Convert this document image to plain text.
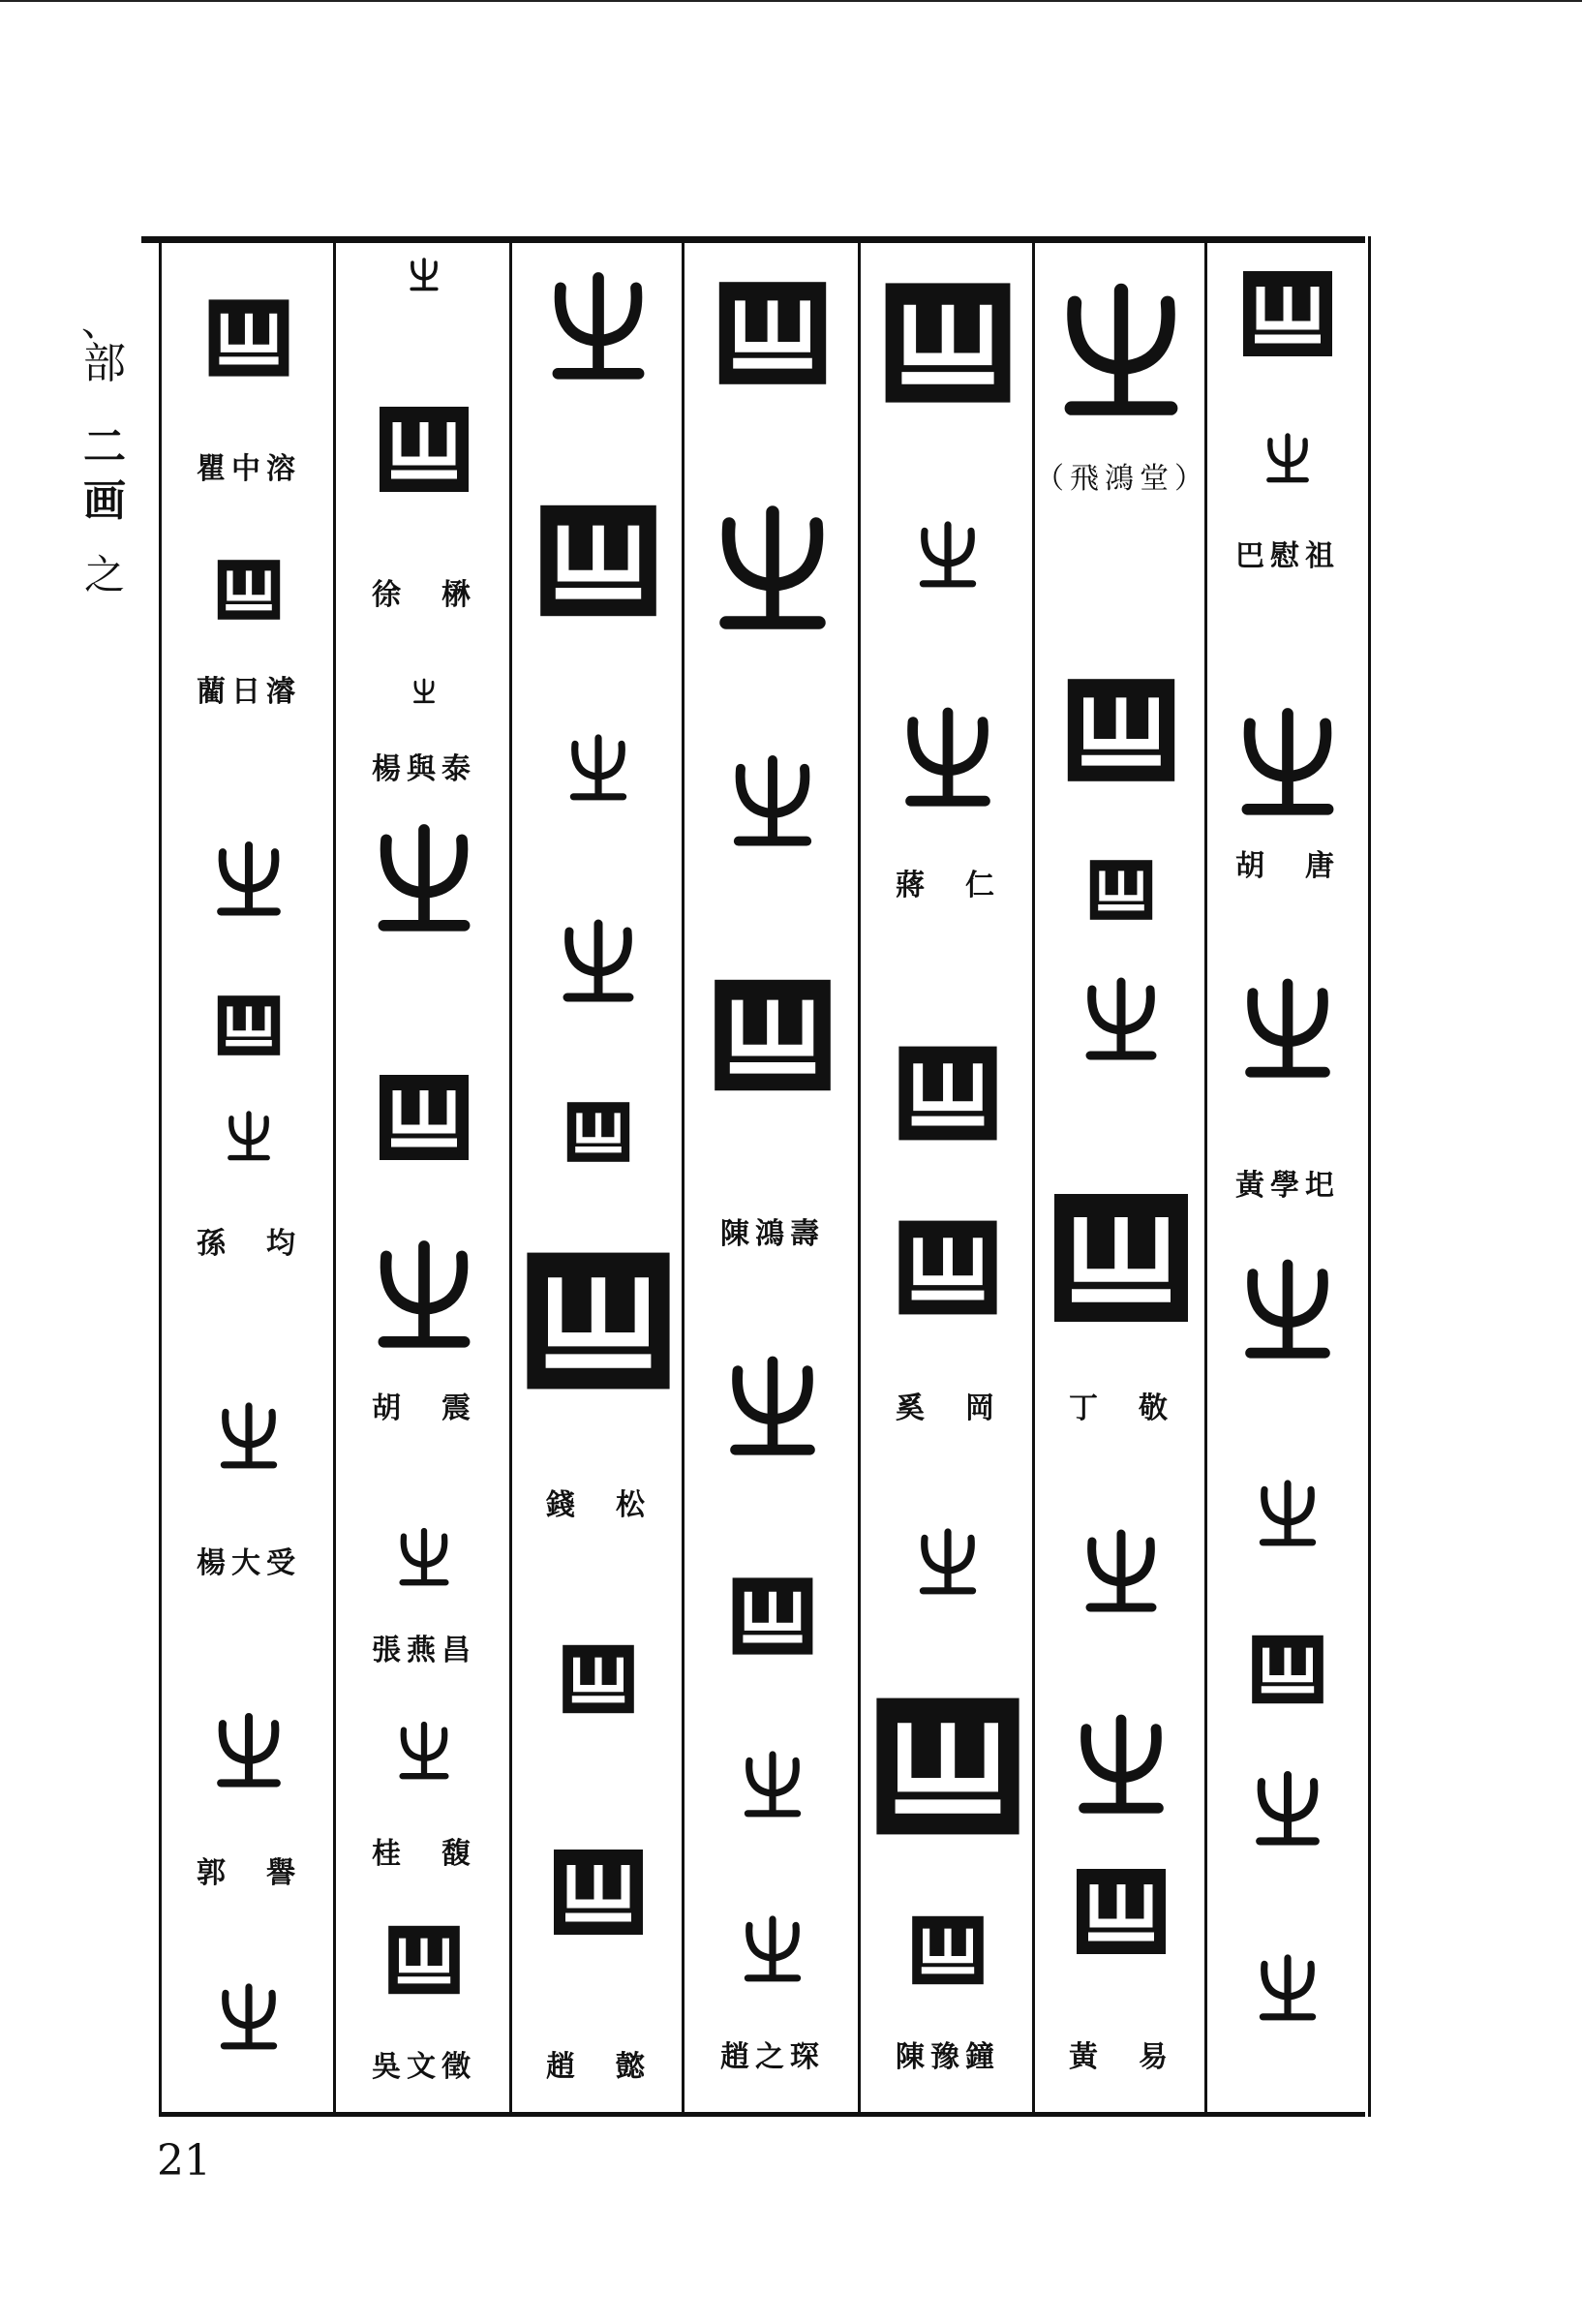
、
部
二画
之
瞿中溶
藺日濬
孫　均
楊大受
郭　譽
徐　楙
楊與泰
胡　震
張燕昌
桂　馥
吳文徵
錢　松
趙　懿
陳鴻壽
趙之琛
蔣　仁
奚　岡
陳豫鐘
（飛鴻堂）
丁　敬
黃　易
巴慰祖
胡　唐
黃學圯
21
